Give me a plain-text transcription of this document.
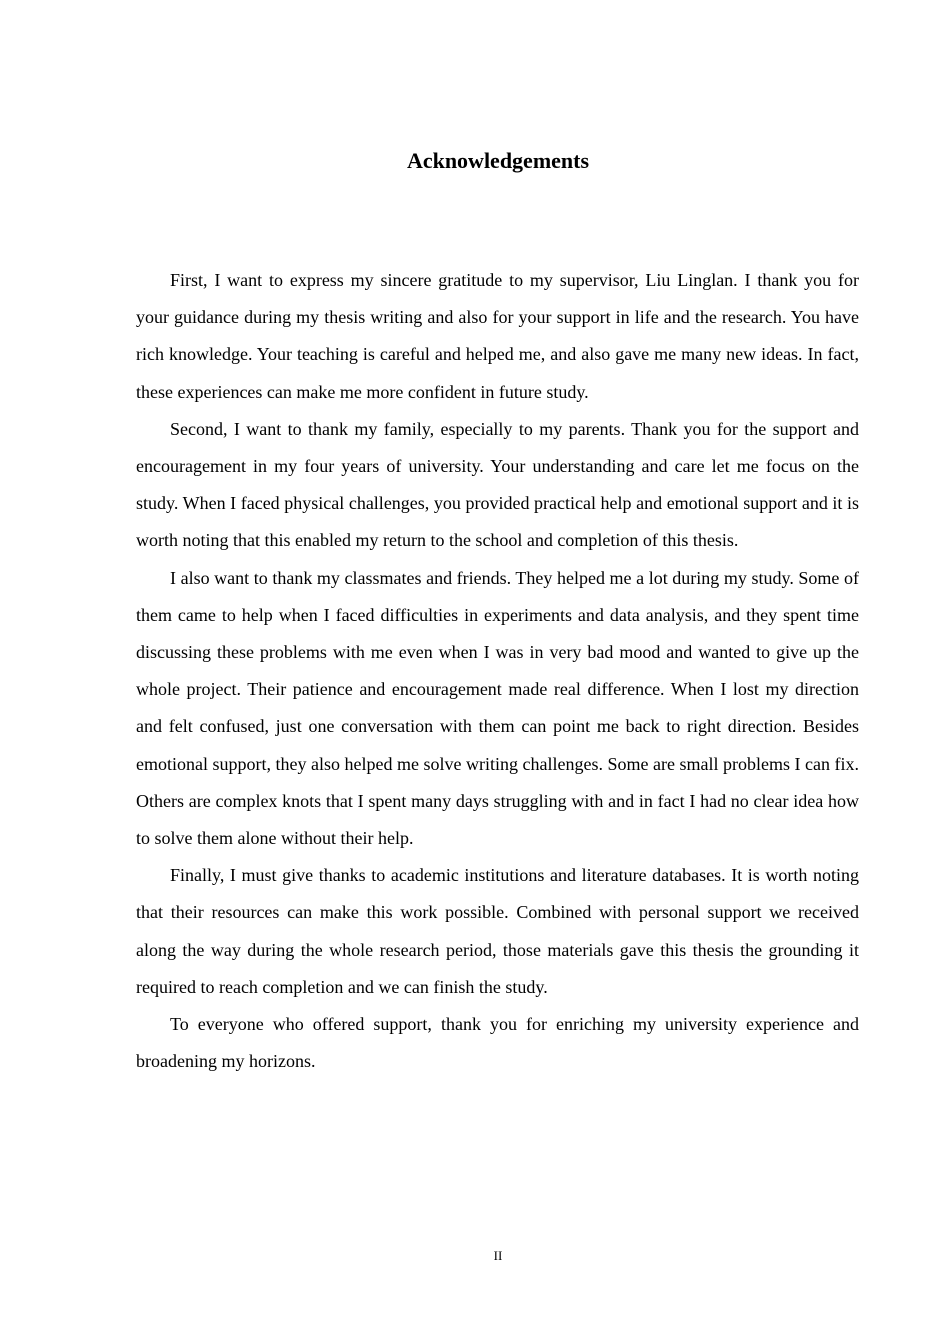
Acknowledgements

First, I want to express my sincere gratitude to my supervisor, Liu Linglan. I thank you for your guidance during my thesis writing and also for your support in life and the research. You have rich knowledge. Your teaching is careful and helped me, and also gave me many new ideas. In fact, these experiences can make me more confident in future study.

Second, I want to thank my family, especially to my parents. Thank you for the support and encouragement in my four years of university. Your understanding and care let me focus on the study. When I faced physical challenges, you provided practical help and emotional support and it is worth noting that this enabled my return to the school and completion of this thesis.

I also want to thank my classmates and friends. They helped me a lot during my study. Some of them came to help when I faced difficulties in experiments and data analysis, and they spent time discussing these problems with me even when I was in very bad mood and wanted to give up the whole project. Their patience and encouragement made real difference. When I lost my direction and felt confused, just one conversation with them can point me back to right direction. Besides emotional support, they also helped me solve writing challenges. Some are small problems I can fix. Others are complex knots that I spent many days struggling with and in fact I had no clear idea how to solve them alone without their help.

Finally, I must give thanks to academic institutions and literature databases. It is worth noting that their resources can make this work possible. Combined with personal support we received along the way during the whole research period, those materials gave this thesis the grounding it required to reach completion and we can finish the study.

To everyone who offered support, thank you for enriching my university experience and broadening my horizons.

II
